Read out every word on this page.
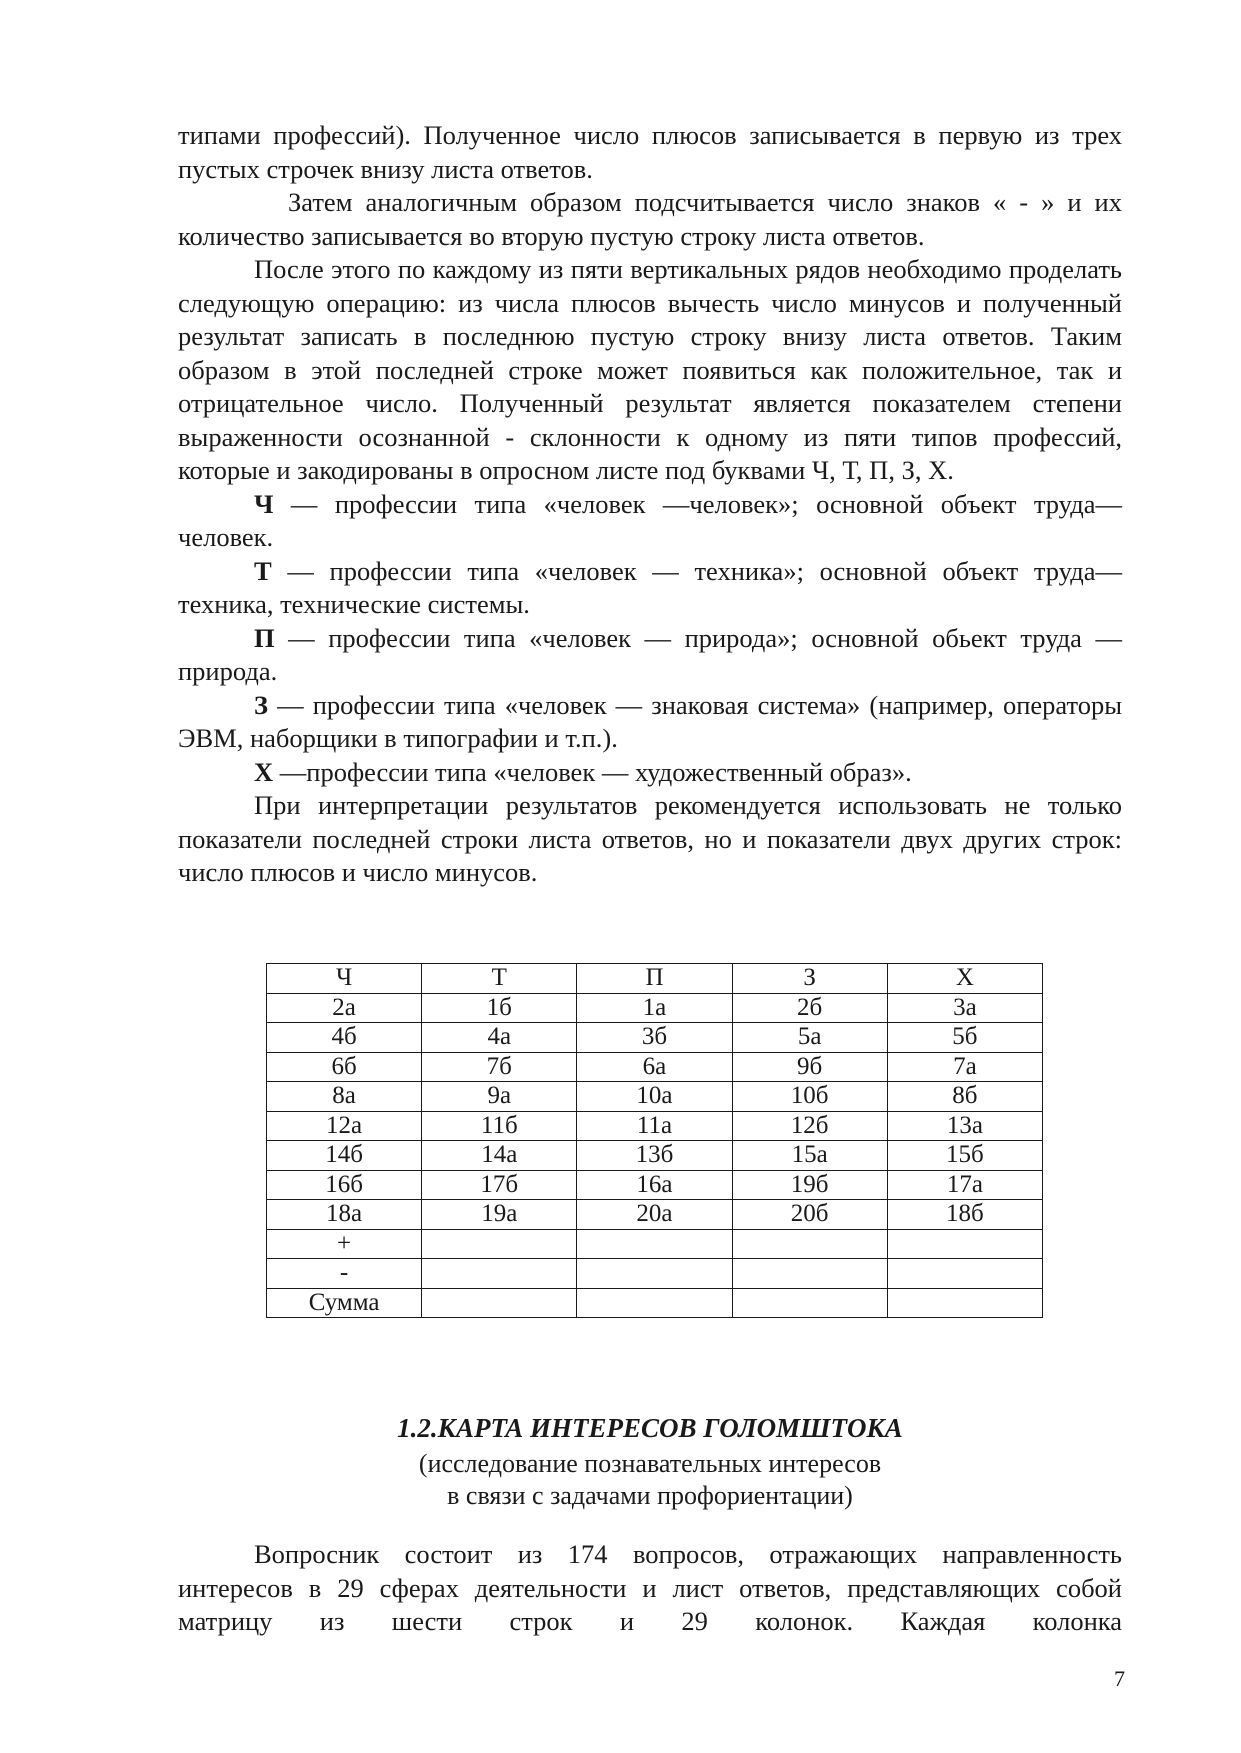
типами профессий). Полученное число плюсов записывается в первую из трех пустых строчек внизу листа ответов.

Затем аналогичным образом подсчитывается число знаков « - » и их количество записывается во вторую пустую строку листа ответов.

После этого по каждому из пяти вертикальных рядов необходимо проделать следующую операцию: из числа плюсов вычесть число минусов и полученный результат записать в последнюю пустую строку внизу листа ответов. Таким образом в этой последней строке может появиться как положительное, так и отрицательное число. Полученный результат является показателем степени выраженности осознанной - склонности к одному из пяти типов профессий, которые и закодированы в опросном листе под буквами Ч, Т, П, З, Х.

Ч — профессии типа «человек —человек»; основной объект труда— человек.

Т — профессии типа «человек — техника»; основной объект труда— техника, технические системы.

П — профессии типа «человек — природа»; основной обьект труда — природа.

З — профессии типа «человек — знаковая система» (например, операторы ЭВМ, наборщики в типографии и т.п.).

Х —профессии типа «человек — художественный образ».

При интерпретации результатов рекомендуется использовать не только показатели последней строки листа ответов, но и показатели двух других строк: число плюсов и число минусов.

Ч	Т	П	З	Х
2а	1б	1а	2б	3а
4б	4а	3б	5а	5б
6б	7б	6а	9б	7а
8а	9а	10а	10б	8б
12а	11б	11а	12б	13а
14б	14а	13б	15а	15б
16б	17б	16а	19б	17а
18а	19а	20а	20б	18б
+				
-				
Сумма				
1.2.КАРТА ИНТЕРЕСОВ ГОЛОМШТОКА
(исследование познавательных интересов
в связи с задачами профориентации)

Вопросник состоит из 174 вопросов, отражающих направленность интересов в 29 сферах деятельности и лист ответов, представляющих собой матрицу из шести строк и 29 колонок. Каждая колонка

7
